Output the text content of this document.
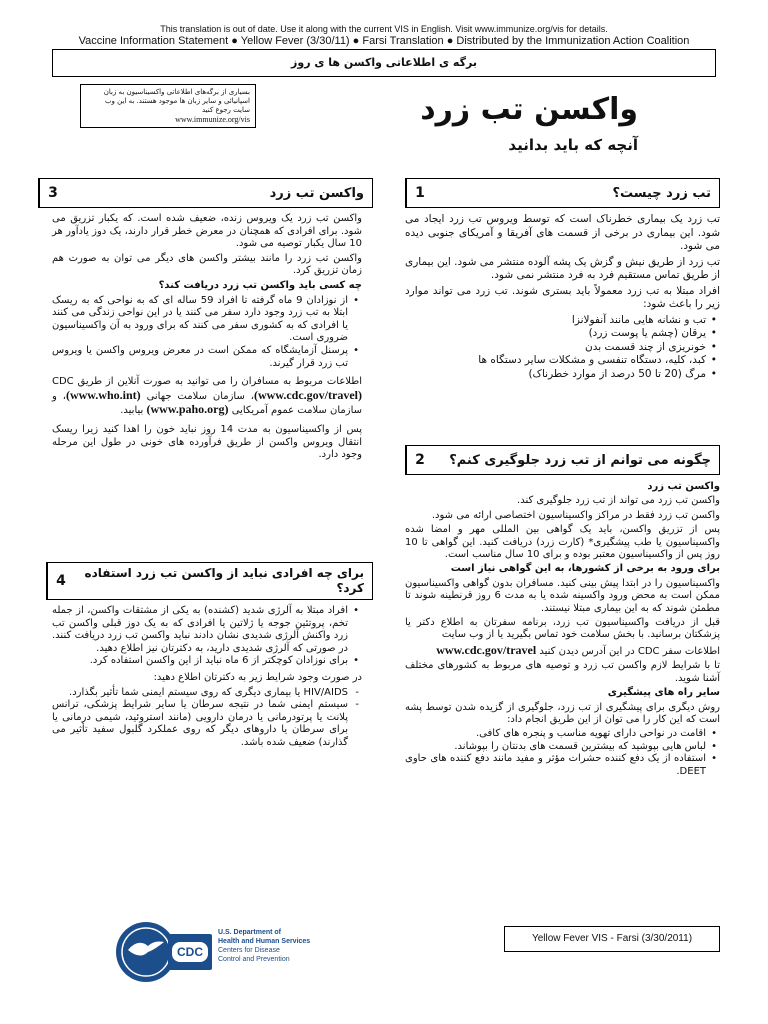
This translation is out of date. Use it along with the current VIS in English. Visit www.immunize.org/vis for details.
Vaccine Information Statement ● Yellow Fever (3/30/11) ● Farsi Translation ● Distributed by the Immunization Action Coalition
برگه ی اطلاعاتی واکسن ها ی روز
بسیاری از برگه‌های اطلاعاتی واکسیناسیون به زبان اسپانیائی و سایر زبان ها موجود هستند. به این وب سایت رجوع کنید
www.immunize.org/vis	واکسن تب زرد
آنچه که باید بدانید
تب زرد چیست؟
1

تب زرد یک بیماری خطرناک است که توسط ویروس تب زرد ایجاد می شود. این بیماری در برخی از قسمت های آفریقا و آمریکای جنوبی دیده می شود.

تب زرد از طریق نیش و گزش یک پشه آلوده منتشر می شود. این بیماری از طریق تماس مستقیم فرد به فرد منتشر نمی شود.

افراد مبتلا به تب زرد معمولاً باید بستری شوند. تب زرد می تواند موارد زیر را باعث شود:

• تب و نشانه هایی مانند آنفولانزا
• یرقان (چشم یا پوست زرد)
• خونریزی از چند قسمت بدن
• کبد، کلیه، دستگاه تنفسی و مشکلات سایر دستگاه ها
• مرگ (20 تا 50 درصد از موارد خطرناک)
چگونه می توانم از تب زرد جلوگیری کنم؟
2

واکسن تب زرد

واکسن تب زرد می تواند از تب زرد جلوگیری کند.

واکسن تب زرد فقط در مراکز واکسیناسیون اختصاصی ارائه می شود.

پس از تزریق واکسن، باید یک گواهی بین المللی مهر و امضا شده واکسیناسیون یا طب پیشگیری* (کارت زرد) دریافت کنید. این گواهی تا 10 روز پس از واکسیناسیون معتبر بوده و برای 10 سال مناسب است.

برای ورود به برخی از کشورها، به این گواهی نیاز است

واکسیناسیون را در ابتدا پیش بینی کنید. مسافران بدون گواهی واکسیناسیون ممکن است به محض ورود واکسینه شده یا به مدت 6 روز قرنطینه شوند تا مطمئن شوند که به این بیماری مبتلا نیستند.

قبل از دریافت واکسیناسیون تب زرد، برنامه سفرتان به اطلاع دکتر یا پزشکتان برسانید. با بخش سلامت خود تماس بگیرید یا از وب سایت

اطلاعات سفر CDC در این آدرس دیدن کنید www.cdc.gov/travel

تا با شرایط لازم واکسن تب زرد و توصیه های مربوط به کشورهای مختلف آشنا شوید.

سایر راه های پیشگیری

روش دیگری برای پیشگیری از تب زرد، جلوگیری از گزیده شدن توسط پشه است که این کار را می توان از این طریق انجام داد:

• اقامت در نواحی دارای تهویه مناسب و پنجره های کافی.
• لباس هایی بپوشید که بیشترین قسمت های بدنتان را بپوشاند.
• استفاده از یک دفع کننده حشرات مؤثر و مفید مانند دفع کننده های حاوی DEET.
واکسن تب زرد
3

واکسن تب زرد یک ویروس زنده، ضعیف شده است. که یکبار تزریق می شود. برای افرادی که همچنان در معرض خطر قرار دارند، یک دوز یادآور هر 10 سال یکبار توصیه می شود.

واکسن تب زرد را مانند بیشتر واکسن های دیگر می توان به صورت هم زمان تزریق کرد.

چه کسی باید واکسن تب زرد دریافت کند؟

• از نوزادان 9 ماه گرفته تا افراد 59 ساله ای که به نواحی که به ریسک ابتلا به تب زرد وجود دارد سفر می کنند یا در این نواحی زندگی می کنند یا افرادی که به کشوری سفر می کنند که برای ورود به آن واکسیناسیون ضروری است.
• پرسنل آزمایشگاه که ممکن است در معرض ویروس واکسن یا ویروس تب زرد قرار گیرند.

اطلاعات مربوط به مسافران را می توانید به صورت آنلاین از طریق CDC (www.cdc.gov/travel)، سازمان سلامت جهانی (www.who.int)، و سازمان سلامت عموم آمریکایی (www.paho.org) بیابید.

پس از واکسیناسیون به مدت 14 روز نباید خون را اهدا کنید زیرا ریسک انتقال ویروس واکسن از طریق فرآورده های خونی در طول این مرحله وجود دارد.

برای چه افرادی نباید از واکسن تب زرد استفاده کرد؟
4
• افراد مبتلا به آلرژی شدید (کشنده) به یکی از مشتقات واکسن، از جمله تخم، پروتئین جوجه یا ژلاتین یا افرادی که به یک دوز قبلی واکسن تب زرد واکنش آلرژی شدیدی نشان دادند نباید واکسن تب زرد دریافت کنند. در صورتی که آلرژی شدیدی دارید، به دکترتان نیز اطلاع دهید.
• برای نوزادان کوچکتر از 6 ماه نباید از این واکسن استفاده کرد.

در صورت وجود شرایط زیر به دکترتان اطلاع دهید:

- HIV/AIDS یا بیماری دیگری که روی سیستم ایمنی شما تأثیر بگذارد.
- سیستم ایمنی شما در نتیجه سرطان یا سایر شرایط پزشکی، ترانس پلانت یا پرتودرمانی یا درمان دارویی (مانند استروئید، شیمی درمانی یا برای سرطان یا داروهای دیگر که روی عملکرد گلبول سفید تأثیر می گذارند) ضعیف شده باشد.
CDC
U.S. Department of
Health and Human Services
Centers for Disease
Control and Prevention
Yellow Fever VIS - Farsi (3/30/2011)
